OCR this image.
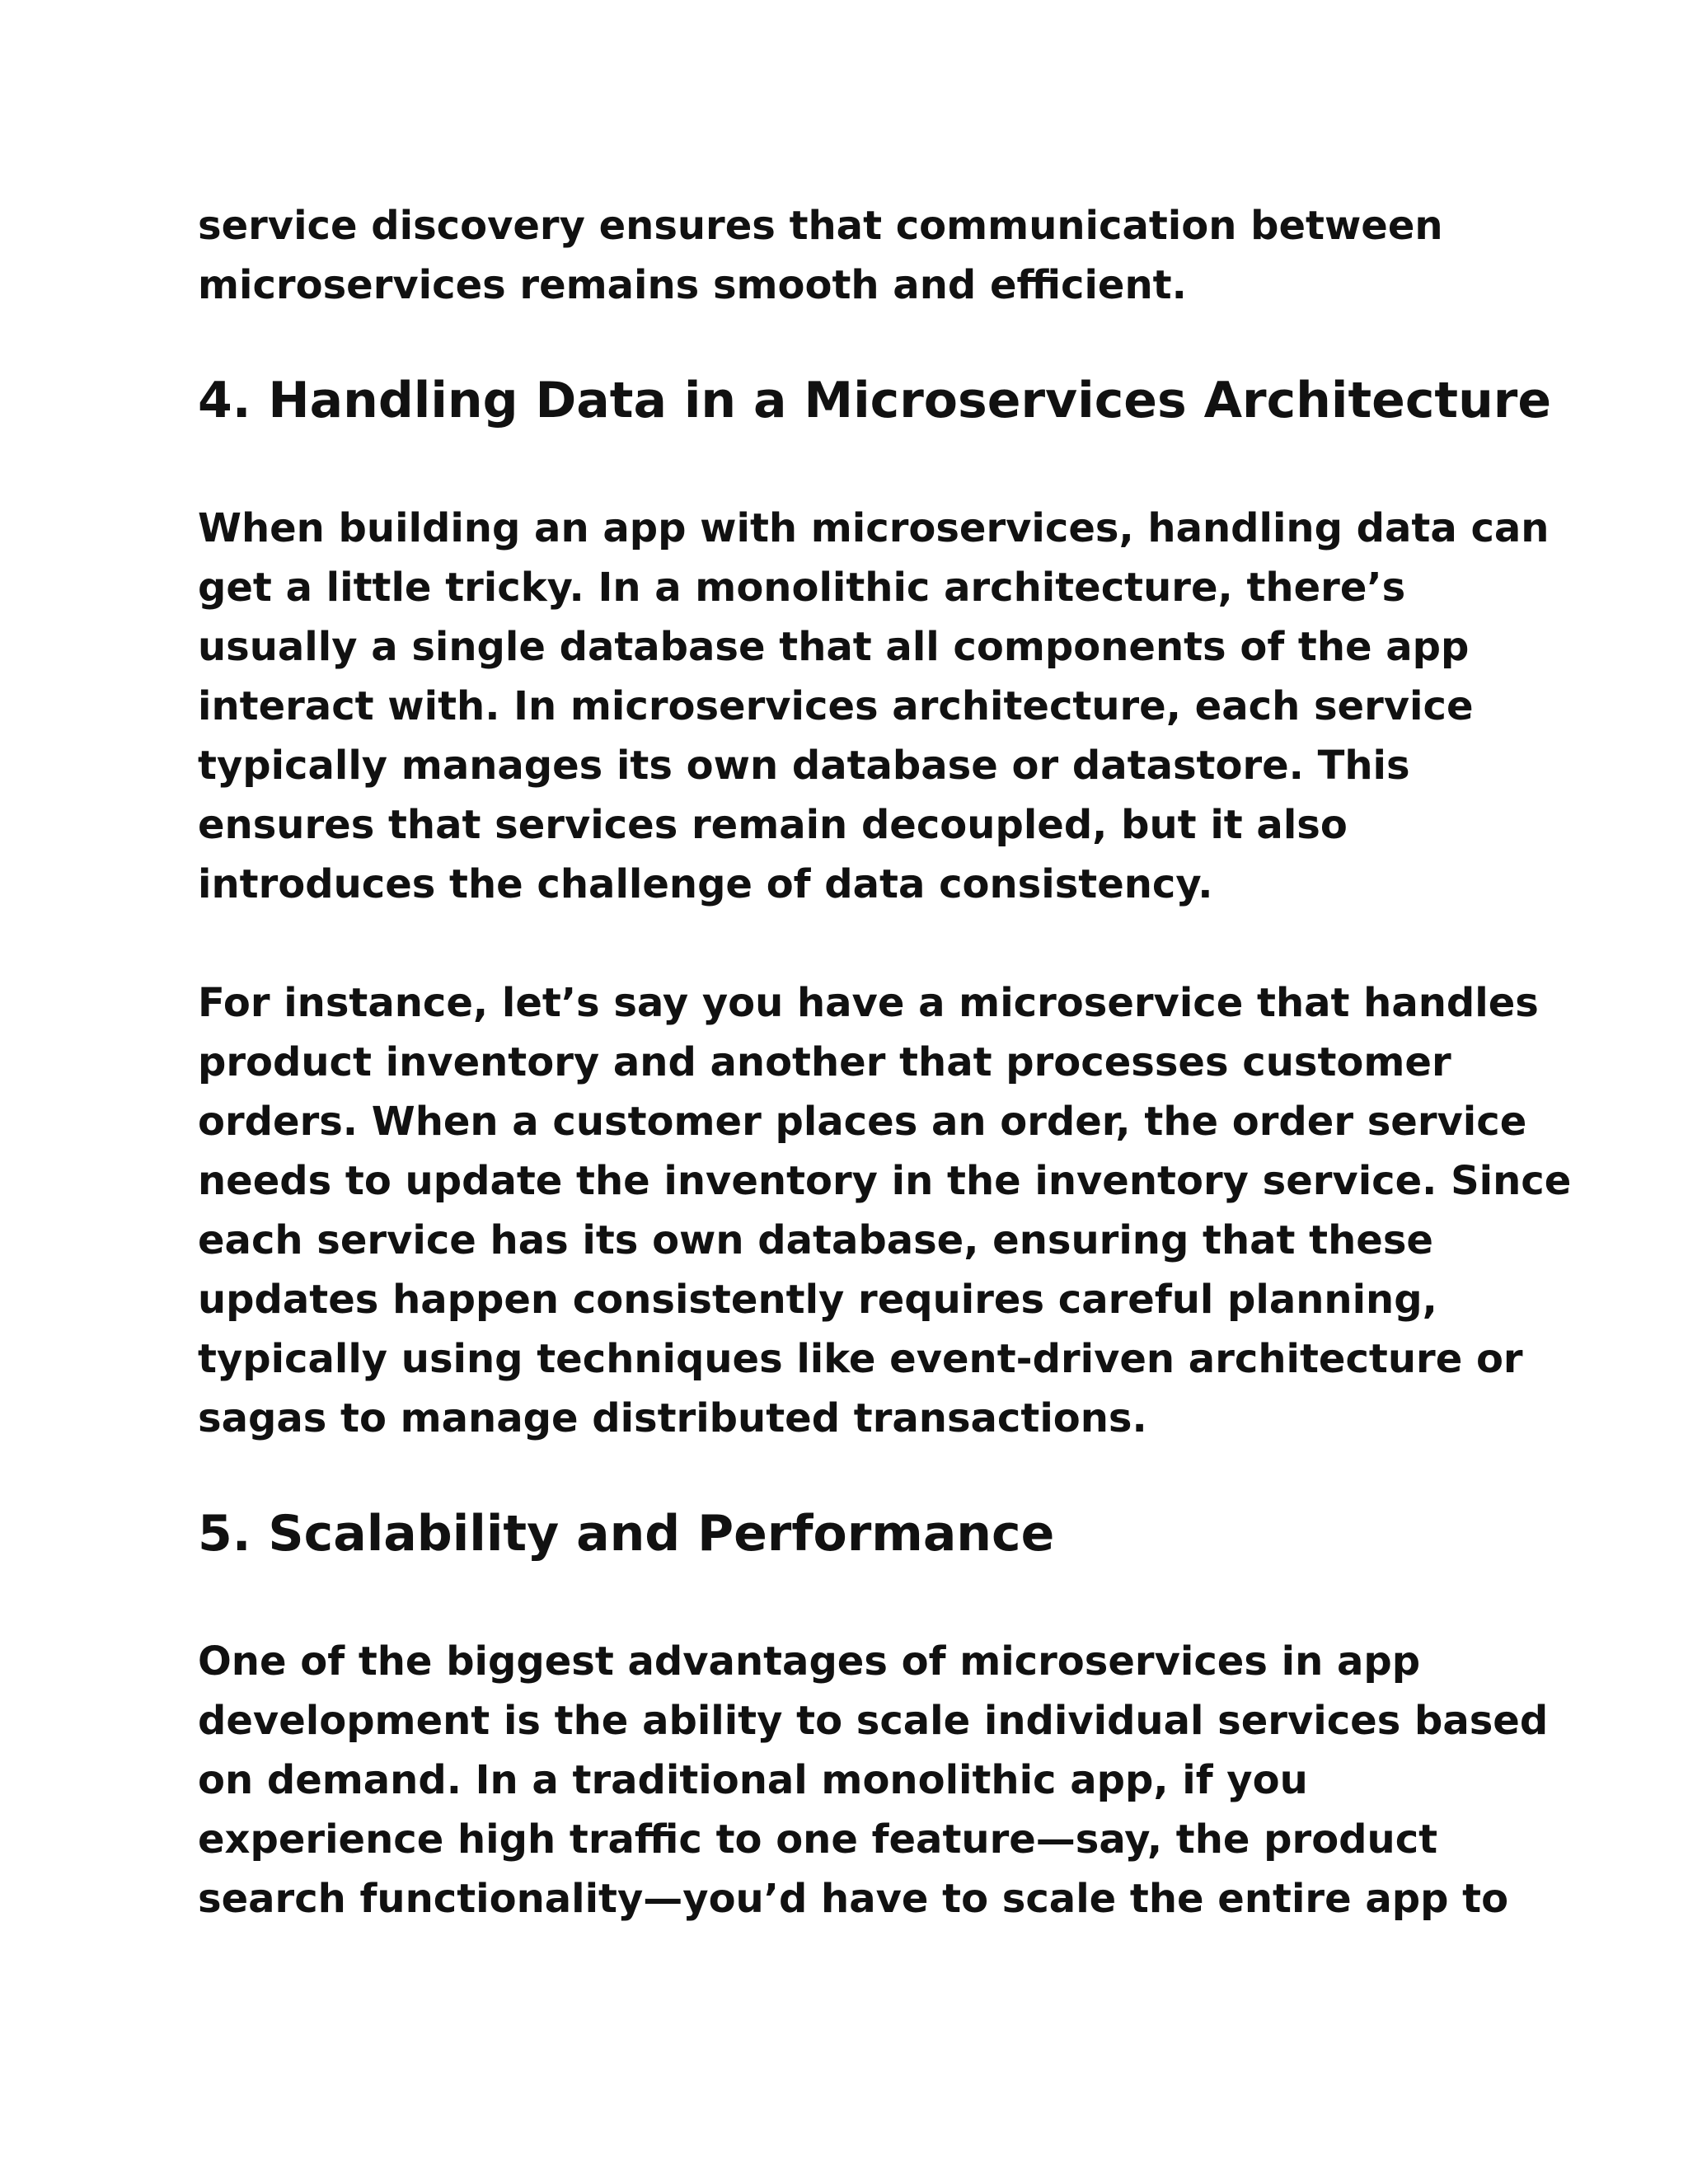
service discovery ensures that communication between
microservices remains smooth and efficient.

4. Handling Data in a Microservices Architecture

When building an app with microservices, handling data can
get a little tricky. In a monolithic architecture, there’s
usually a single database that all components of the app
interact with. In microservices architecture, each service
typically manages its own database or datastore. This
ensures that services remain decoupled, but it also
introduces the challenge of data consistency.

For instance, let’s say you have a microservice that handles
product inventory and another that processes customer
orders. When a customer places an order, the order service
needs to update the inventory in the inventory service. Since
each service has its own database, ensuring that these
updates happen consistently requires careful planning,
typically using techniques like event-driven architecture or
sagas to manage distributed transactions.

5. Scalability and Performance

One of the biggest advantages of microservices in app
development is the ability to scale individual services based
on demand. In a traditional monolithic app, if you
experience high traffic to one feature—say, the product
search functionality—you’d have to scale the entire app to
